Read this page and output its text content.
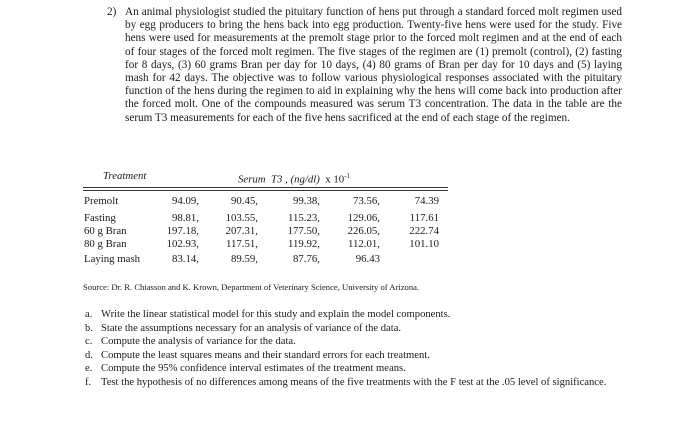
2) An animal physiologist studied the pituitary function of hens put through a standard forced molt regimen used by egg producers to bring the hens back into egg production. Twenty-five hens were used for the study. Five hens were used for measurements at the premolt stage prior to the forced molt regimen and at the end of each of four stages of the forced molt regimen. The five stages of the regimen are (1) premolt (control), (2) fasting for 8 days, (3) 60 grams Bran per day for 10 days, (4) 80 grams of Bran per day for 10 days and (5) laying mash for 42 days. The objective was to follow various physiological responses associated with the pituitary function of the hens during the regimen to aid in explaining why the hens will come back into production after the forced molt. One of the compounds measured was serum T3 concentration. The data in the table are the serum T3 measurements for each of the five hens sacrificed at the end of each stage of the regimen.
Treatment	Serum T3 , (ng/dl) x $10^{-1}$
Premolt	94.09,	90.45,	99.38,	73.56,	74.39
Fasting	98.81, 103.55,	115.23,	129.06,	117.61
60 g Bran	197.18, 207.31,	177.50,	226.05,	222.74
80 g Bran	102.93,	117.51,	119.92,	112.01,	101.10
Laying mash	83.14,	89.59,	87.76,	96.43
Source: Dr. R. Chiasson and K. Krown, Department of Veterinary Science, University of Arizona.
a. Write the linear statistical model for this study and explain the model components.
b. State the assumptions necessary for an analysis of variance of the data.
c. Compute the analysis of variance for the data.
d. Compute the least squares means and their standard errors for each treatment.
e. Compute the 95% confidence interval estimates of the treatment means.
f. Test the hypothesis of no differences among means of the five treatments with the F test at the .05 level of significance.
